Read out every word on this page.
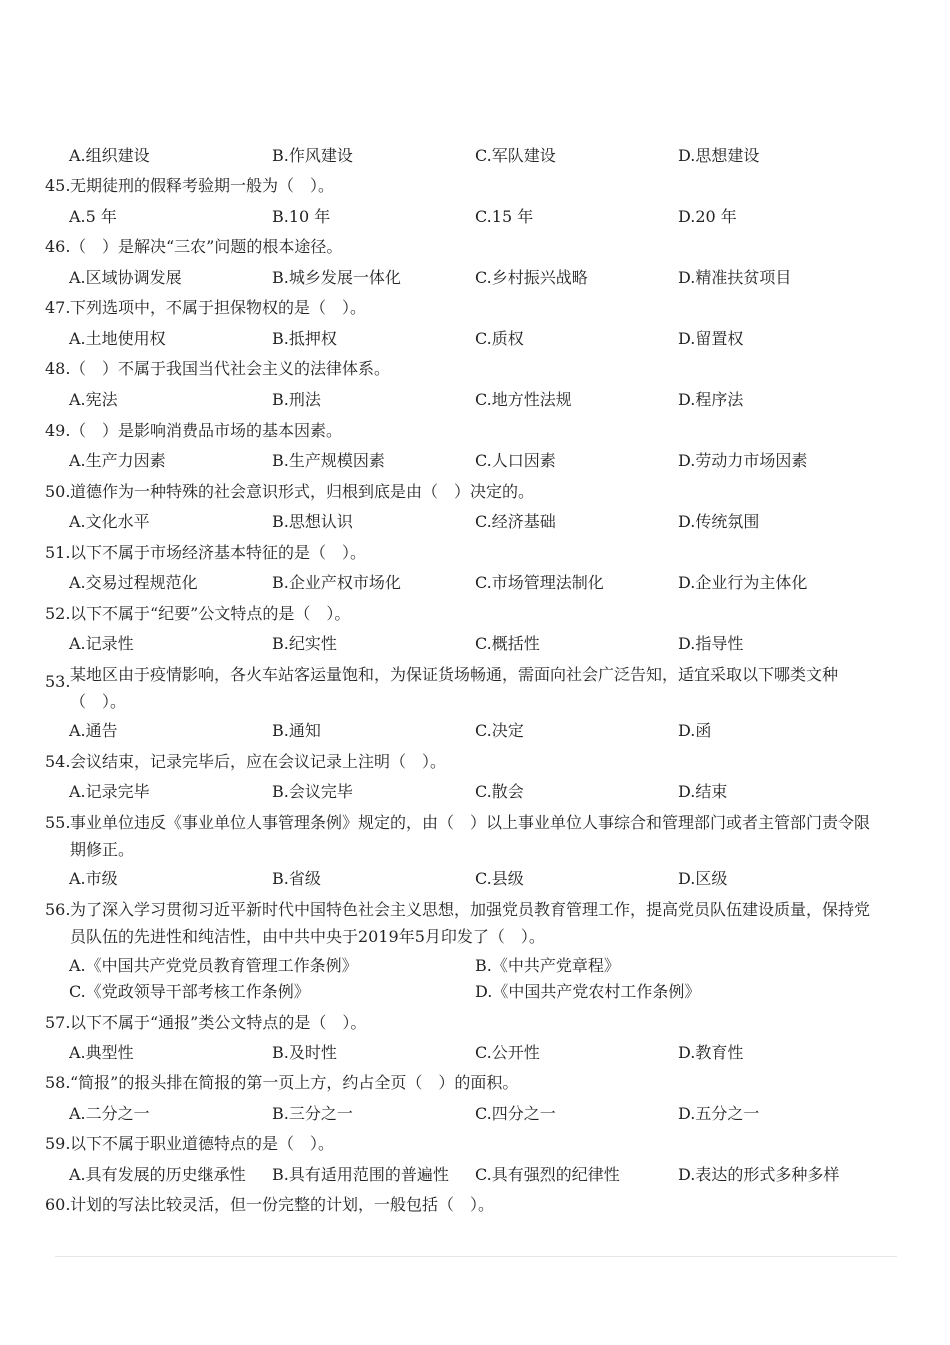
A.组织建设	B.作风建设	C.军队建设	D.思想建设
45. 无期徒刑的假释考验期一般为（　）。
A.5 年	B.10 年	C.15 年	D.20 年
46. （　）是解决“三农”问题的根本途径。
A.区域协调发展	B.城乡发展一体化	C.乡村振兴战略	D.精准扶贫项目
47. 下列选项中，不属于担保物权的是（　）。
A.土地使用权	B.抵押权	C.质权	D.留置权
48. （　）不属于我国当代社会主义的法律体系。
A.宪法	B.刑法	C.地方性法规	D.程序法
49. （　）是影响消费品市场的基本因素。
A.生产力因素	B.生产规模因素	C.人口因素	D.劳动力市场因素
50. 道德作为一种特殊的社会意识形式，归根到底是由（　）决定的。
A.文化水平	B.思想认识	C.经济基础	D.传统氛围
51. 以下不属于市场经济基本特征的是（　）。
A.交易过程规范化	B.企业产权市场化	C.市场管理法制化	D.企业行为主体化
52. 以下不属于“纪要”公文特点的是（　）。
A.记录性	B.纪实性	C.概括性	D.指导性
53. 某地区由于疫情影响，各火车站客运量饱和，为保证货场畅通，需面向社会广泛告知，适宜采取以下哪类文种（　）。
A.通告	B.通知	C.决定	D.函
54. 会议结束，记录完毕后，应在会议记录上注明（　）。
A.记录完毕	B.会议完毕	C.散会	D.结束
55. 事业单位违反《事业单位人事管理条例》规定的，由（　）以上事业单位人事综合和管理部门或者主管部门责令限期修正。
A.市级	B.省级	C.县级	D.区级
56. 为了深入学习贯彻习近平新时代中国特色社会主义思想，加强党员教育管理工作，提高党员队伍建设质量，保持党员队伍的先进性和纯洁性，由中共中央于2019年5月印发了（　）。
A.《中国共产党党员教育管理工作条例》	B.《中共产党章程》
C.《党政领导干部考核工作条例》	D.《中国共产党农村工作条例》
57. 以下不属于“通报”类公文特点的是（　）。
A.典型性	B.及时性	C.公开性	D.教育性
58. “简报”的报头排在简报的第一页上方，约占全页（　）的面积。
A.二分之一	B.三分之一	C.四分之一	D.五分之一
59. 以下不属于职业道德特点的是（　）。
A.具有发展的历史继承性 B.具有适用范围的普遍性 C.具有强烈的纪律性	D.表达的形式多种多样
60. 计划的写法比较灵活，但一份完整的计划，一般包括（　）。
